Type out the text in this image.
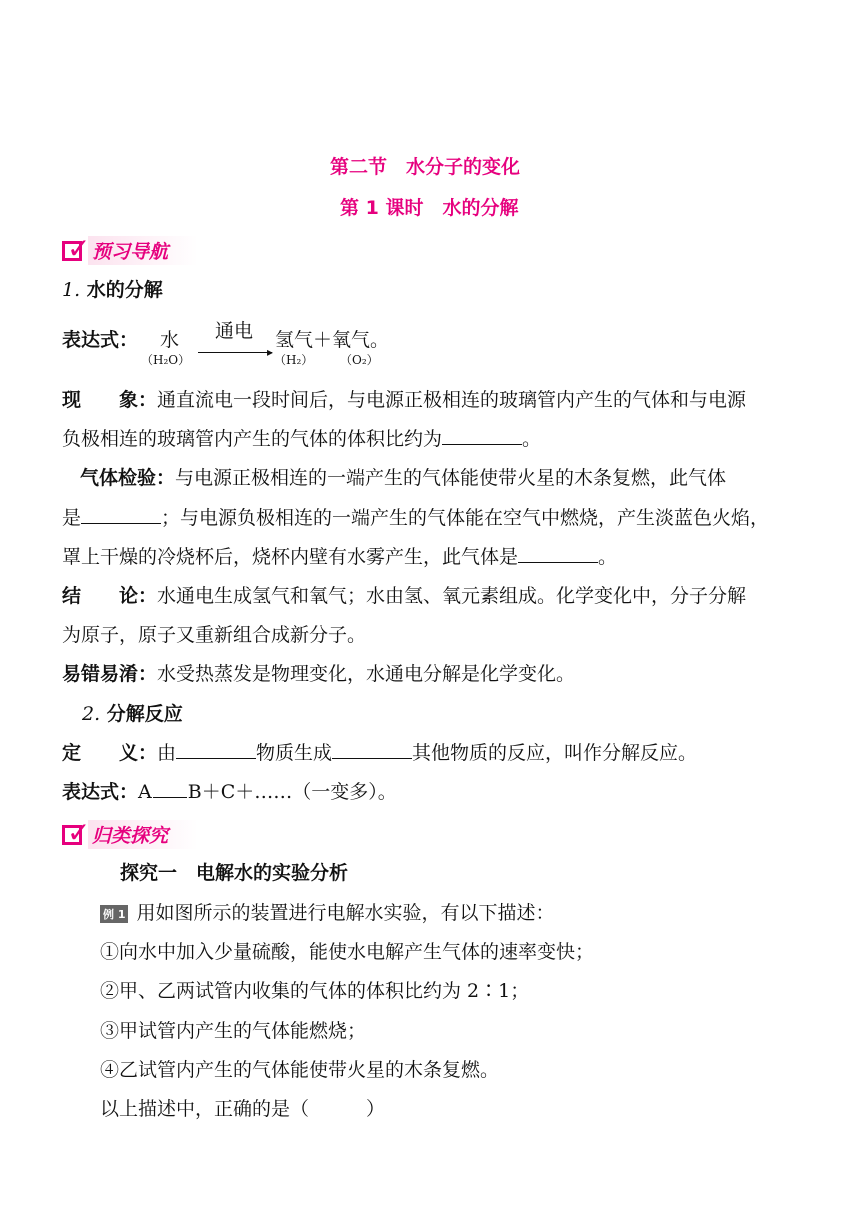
第二节　水分子的变化
第 1 课时　水的分解
✓ 预习导航
1. 水的分解
表达式： 水 通电
▸
氢气＋氧气。
（H₂O）	（H₂） （O₂）
现　　象：通直流电一段时间后，与电源正极相连的玻璃管内产生的气体和与电源
负极相连的玻璃管内产生的气体的体积比约为	。
气体检验：与电源正极相连的一端产生的气体能使带火星的木条复燃，此气体
是	；与电源负极相连的一端产生的气体能在空气中燃烧，产生淡蓝色火焰，
罩上干燥的冷烧杯后，烧杯内壁有水雾产生，此气体是	。
结　　论：水通电生成氢气和氧气；水由氢、氧元素组成。化学变化中，分子分解
为原子，原子又重新组合成新分子。
易错易淆：水受热蒸发是物理变化，水通电分解是化学变化。
2. 分解反应
定　　义：由	物质生成	其他物质的反应，叫作分解反应。
表达式：A B＋C＋……（一变多）。
✓ 归类探究
探究一　电解水的实验分析
例 1 用如图所示的装置进行电解水实验，有以下描述：
①向水中加入少量硫酸，能使水电解产生气体的速率变快；
②甲、乙两试管内收集的气体的体积比约为 2∶1；
③甲试管内产生的气体能燃烧；
④乙试管内产生的气体能使带火星的木条复燃。
以上描述中，正确的是（　　　）
